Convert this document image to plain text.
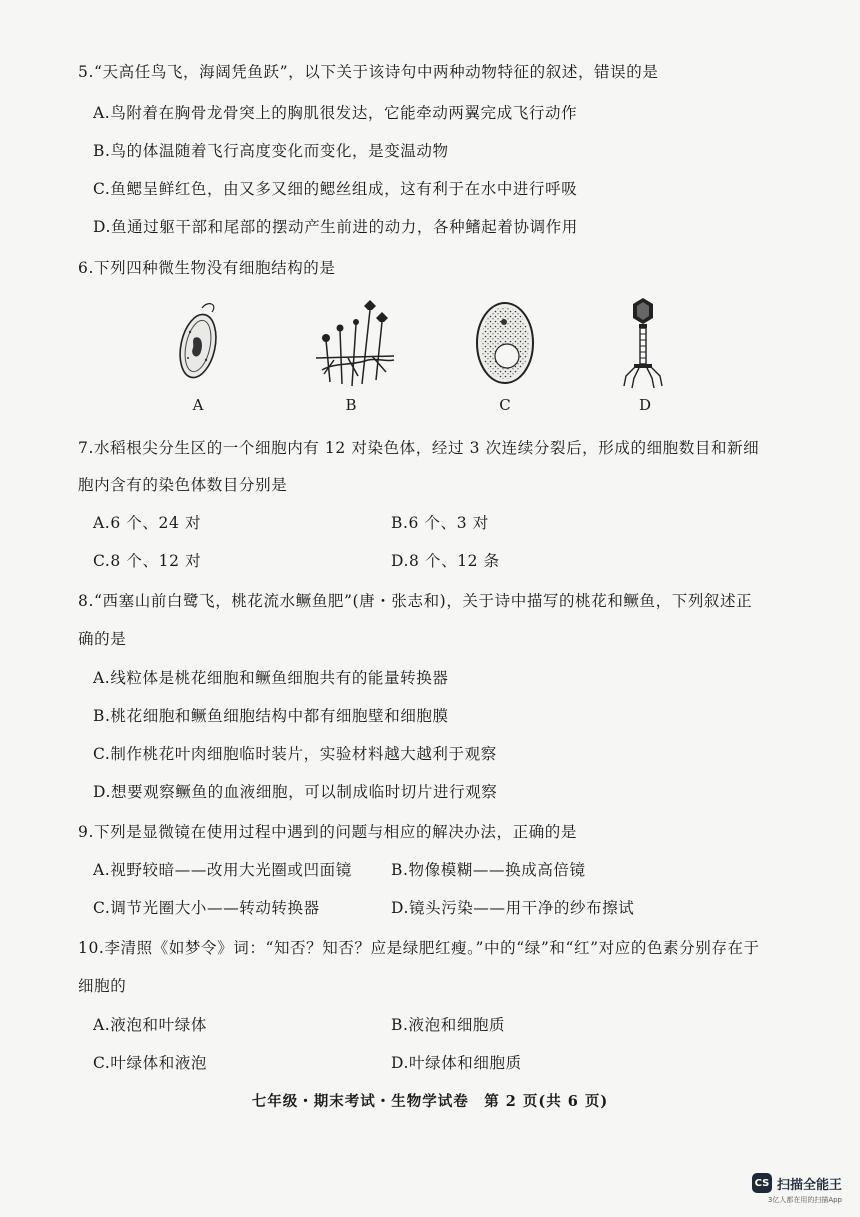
5.“天高任鸟飞，海阔凭鱼跃”，以下关于该诗句中两种动物特征的叙述，错误的是
A.鸟附着在胸骨龙骨突上的胸肌很发达，它能牵动两翼完成飞行动作
B.鸟的体温随着飞行高度变化而变化，是变温动物
C.鱼鳃呈鲜红色，由又多又细的鳃丝组成，这有利于在水中进行呼吸
D.鱼通过躯干部和尾部的摆动产生前进的动力，各种鳍起着协调作用
6.下列四种微生物没有细胞结构的是
A	B	C	D
7.水稻根尖分生区的一个细胞内有 12 对染色体，经过 3 次连续分裂后，形成的细胞数目和新细
胞内含有的染色体数目分别是
A.6 个、24 对	B.6 个、3 对
C.8 个、12 对	D.8 个、12 条
8.“西塞山前白鹭飞，桃花流水鳜鱼肥”(唐・张志和)，关于诗中描写的桃花和鳜鱼，下列叙述正
确的是
A.线粒体是桃花细胞和鳜鱼细胞共有的能量转换器
B.桃花细胞和鳜鱼细胞结构中都有细胞壁和细胞膜
C.制作桃花叶肉细胞临时装片，实验材料越大越利于观察
D.想要观察鳜鱼的血液细胞，可以制成临时切片进行观察
9.下列是显微镜在使用过程中遇到的问题与相应的解决办法，正确的是
A.视野较暗——改用大光圈或凹面镜	B.物像模糊——换成高倍镜
C.调节光圈大小——转动转换器	D.镜头污染——用干净的纱布擦试
10.李清照《如梦令》词：“知否？知否？应是绿肥红瘦。”中的“绿”和“红”对应的色素分别存在于
细胞的
A.液泡和叶绿体	B.液泡和细胞质
C.叶绿体和液泡	D.叶绿体和细胞质
七年级・期末考试・生物学试卷　第 2 页(共 6 页)
CS 扫描全能王
3亿人都在用的扫描App
